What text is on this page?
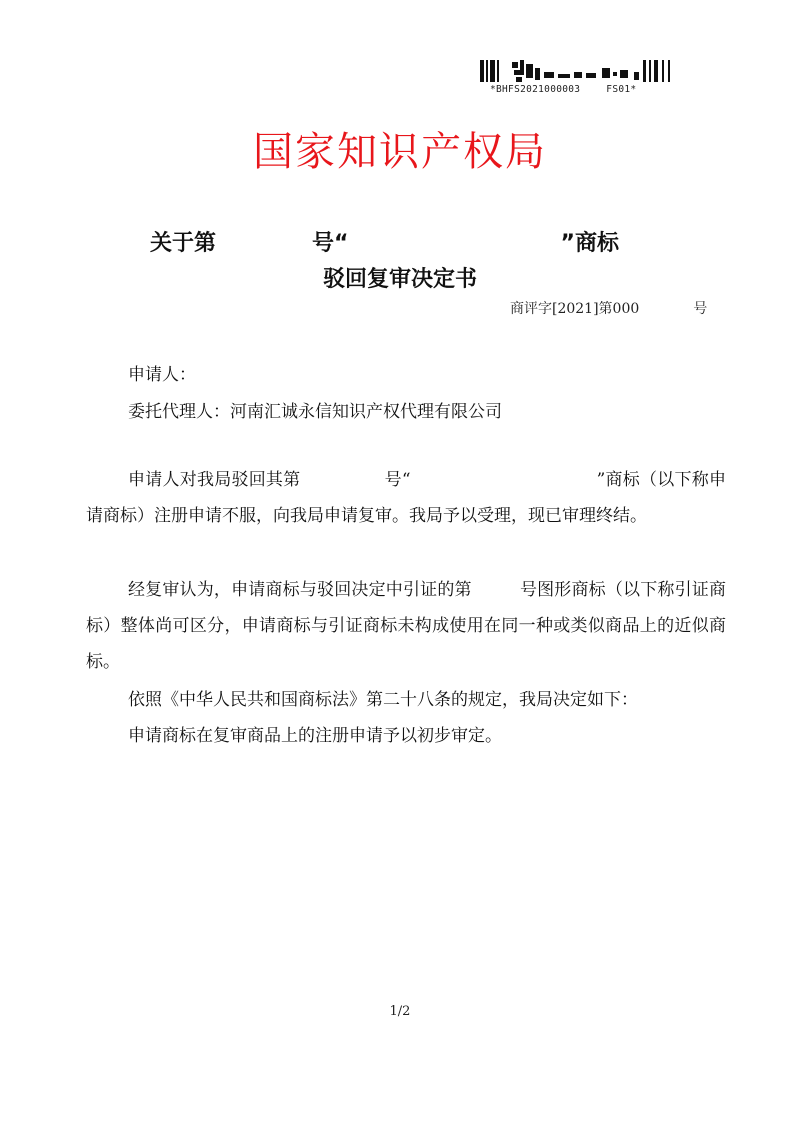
*BHFS2021000003	FS01*
国家知识产权局
关于第	号“	”商标
驳回复审决定书
商评字[2021]第000	号
申请人：
委托代理人：河南汇诚永信知识产权代理有限公司
申请人对我局驳回其第	号“	”商标（以下称申请商标）注册申请不服，向我局申请复审。我局予以受理，现已审理终结。
经复审认为，申请商标与驳回决定中引证的第	号图形商标（以下称引证商标）整体尚可区分，申请商标与引证商标未构成使用在同一种或类似商品上的近似商标。
依照《中华人民共和国商标法》第二十八条的规定，我局决定如下：
申请商标在复审商品上的注册申请予以初步审定。
1/2
